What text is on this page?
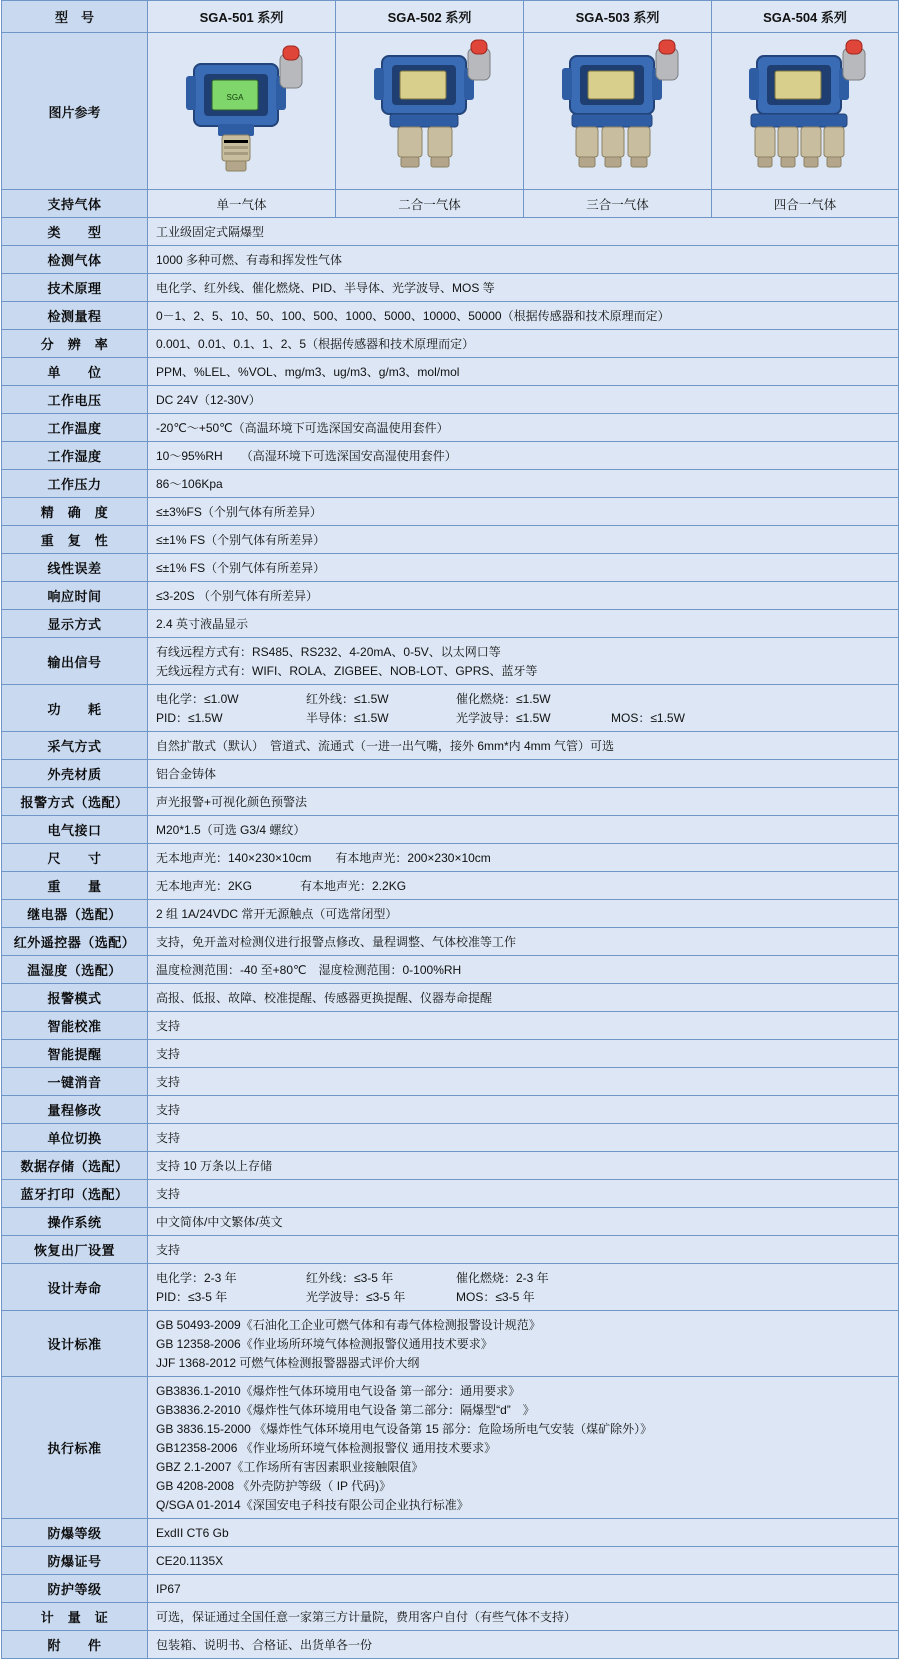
型　号	SGA-501 系列	SGA-502 系列	SGA-503 系列	SGA-504 系列
图片参考	SGA

支持气体	单一气体	二合一气体	三合一气体	四合一气体
类　　型	工业级固定式隔爆型			
检测气体	1000 多种可燃、有毒和挥发性气体			
技术原理	电化学、红外线、催化燃烧、PID、半导体、光学波导、MOS 等			
检测量程	0－1、2、5、10、50、100、500、1000、5000、10000、50000（根据传感器和技术原理而定）			
分　辨　率	0.001、0.01、0.1、1、2、5（根据传感器和技术原理而定）			
单　　位	PPM、%LEL、%VOL、mg/m3、ug/m3、g/m3、mol/mol			
工作电压	DC 24V（12-30V）			
工作温度	-20℃～+50℃（高温环境下可选深国安高温使用套件）			
工作湿度	10～95%RH　　（高湿环境下可选深国安高湿使用套件）			
工作压力	86～106Kpa			
精　确　度	≤±3%FS（个别气体有所差异）			
重　复　性	≤±1% FS（个别气体有所差异）			
线性误差	≤±1% FS（个别气体有所差异）			
响应时间	≤3-20S （个别气体有所差异）			
显示方式	2.4 英寸液晶显示			
输出信号	有线远程方式有：RS485、RS232、4-20mA、0-5V、以太网口等
无线远程方式有：WIFI、ROLA、ZIGBEE、NOB-LOT、GPRS、蓝牙等			

功　　耗	
电化学：≤1.0W	红外线：≤1.5W	催化燃烧：≤1.5W
PID：≤1.5W	半导体：≤1.5W	光学波导：≤1.5W	MOS：≤1.5W

采气方式	自然扩散式（默认）　管道式、流通式（一进一出气嘴，接外 6mm*内 4mm 气管）可选			
外壳材质	铝合金铸体			
报警方式（选配）	声光报警+可视化颜色预警法			
电气接口	M20*1.5（可选 G3/4 螺纹）			
尺　　寸	无本地声光：140×230×10cm　　有本地声光：200×230×10cm			
重　　量	无本地声光：2KG　　　　有本地声光：2.2KG			
继电器（选配）	2 组 1A/24VDC 常开无源触点（可选常闭型）			
红外遥控器（选配）	支持，免开盖对检测仪进行报警点修改、量程调整、气体校准等工作			
温湿度（选配）	温度检测范围：-40 至+80℃　湿度检测范围：0-100%RH			
报警模式	高报、低报、故障、校准提醒、传感器更换提醒、仪器寿命提醒			
智能校准	支持			
智能提醒	支持			
一键消音	支持			
量程修改	支持			
单位切换	支持			
数据存储（选配）	支持 10 万条以上存储			
蓝牙打印（选配）	支持			
操作系统	中文简体/中文繁体/英文			
恢复出厂设置	支持			
设计寿命	
电化学：2-3 年	红外线：≤3-5 年	催化燃烧：2-3 年
PID：≤3-5 年	光学波导：≤3-5 年	MOS：≤3-5 年

设计标准	GB 50493-2009《石油化工企业可燃气体和有毒气体检测报警设计规范》
GB 12358-2006《作业场所环境气体检测报警仪通用技术要求》
JJF 1368-2012 可燃气体检测报警器器式评价大纲			

执行标准	
GB3836.1-2010《爆炸性气体环境用电气设备 第一部分：通用要求》
GB3836.2-2010《爆炸性气体环境用电气设备 第二部分：隔爆型“d”　》
GB 3836.15-2000 《爆炸性气体环境用电气设备第 15 部分：危险场所电气安装（煤矿除外）》
GB12358-2006 《作业场所环境气体检测报警仪 通用技术要求》
GBZ 2.1-2007《工作场所有害因素职业接触限值》
GB 4208-2008 《外壳防护等级（ IP 代码)》
Q/SGA 01-2014《深国安电子科技有限公司企业执行标准》

防爆等级	ExdII CT6 Gb			
防爆证号	CE20.1135X			
防护等级	IP67			
计　量　证	可选，保证通过全国任意一家第三方计量院，费用客户自付（有些气体不支持）			
附　　件	包装箱、说明书、合格证、出货单各一份			
